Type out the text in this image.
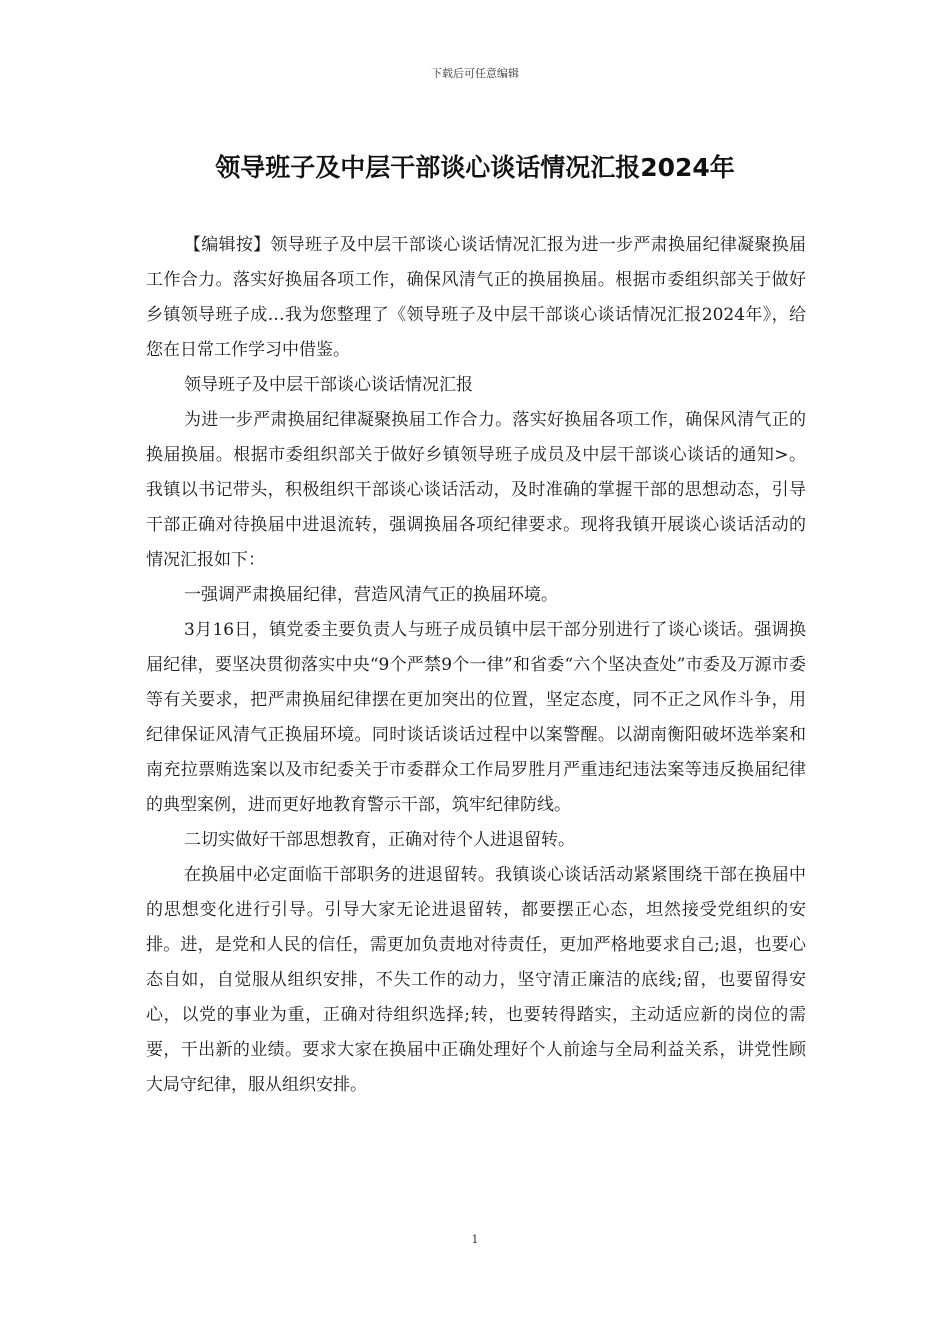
下载后可任意编辑
领导班子及中层干部谈心谈话情况汇报2024年

【编辑按】领导班子及中层干部谈心谈话情况汇报为进一步严肃换届纪律凝聚换届工作合力。落实好换届各项工作，确保风清气正的换届换届。根据市委组织部关于做好乡镇领导班子成…我为您整理了《领导班子及中层干部谈心谈话情况汇报2024年》，给您在日常工作学习中借鉴。

领导班子及中层干部谈心谈话情况汇报

为进一步严肃换届纪律凝聚换届工作合力。落实好换届各项工作，确保风清气正的换届换届。根据市委组织部关于做好乡镇领导班子成员及中层干部谈心谈话的通知>。我镇以书记带头，积极组织干部谈心谈话活动，及时准确的掌握干部的思想动态，引导干部正确对待换届中进退流转，强调换届各项纪律要求。现将我镇开展谈心谈话活动的情况汇报如下：

一强调严肃换届纪律，营造风清气正的换届环境。

3月16日，镇党委主要负责人与班子成员镇中层干部分别进行了谈心谈话。强调换届纪律，要坚决贯彻落实中央“9个严禁9个一律”和省委“六个坚决查处”市委及万源市委等有关要求，把严肃换届纪律摆在更加突出的位置，坚定态度，同不正之风作斗争，用纪律保证风清气正换届环境。同时谈话谈话过程中以案警醒。以湖南衡阳破坏选举案和南充拉票贿选案以及市纪委关于市委群众工作局罗胜月严重违纪违法案等违反换届纪律的典型案例，进而更好地教育警示干部，筑牢纪律防线。

二切实做好干部思想教育，正确对待个人进退留转。

在换届中必定面临干部职务的进退留转。我镇谈心谈话活动紧紧围绕干部在换届中的思想变化进行引导。引导大家无论进退留转，都要摆正心态，坦然接受党组织的安排。进，是党和人民的信任，需更加负责地对待责任，更加严格地要求自己;退，也要心态自如，自觉服从组织安排，不失工作的动力，坚守清正廉洁的底线;留，也要留得安心，以党的事业为重，正确对待组织选择;转，也要转得踏实，主动适应新的岗位的需要，干出新的业绩。要求大家在换届中正确处理好个人前途与全局利益关系，讲党性顾大局守纪律，服从组织安排。

1
